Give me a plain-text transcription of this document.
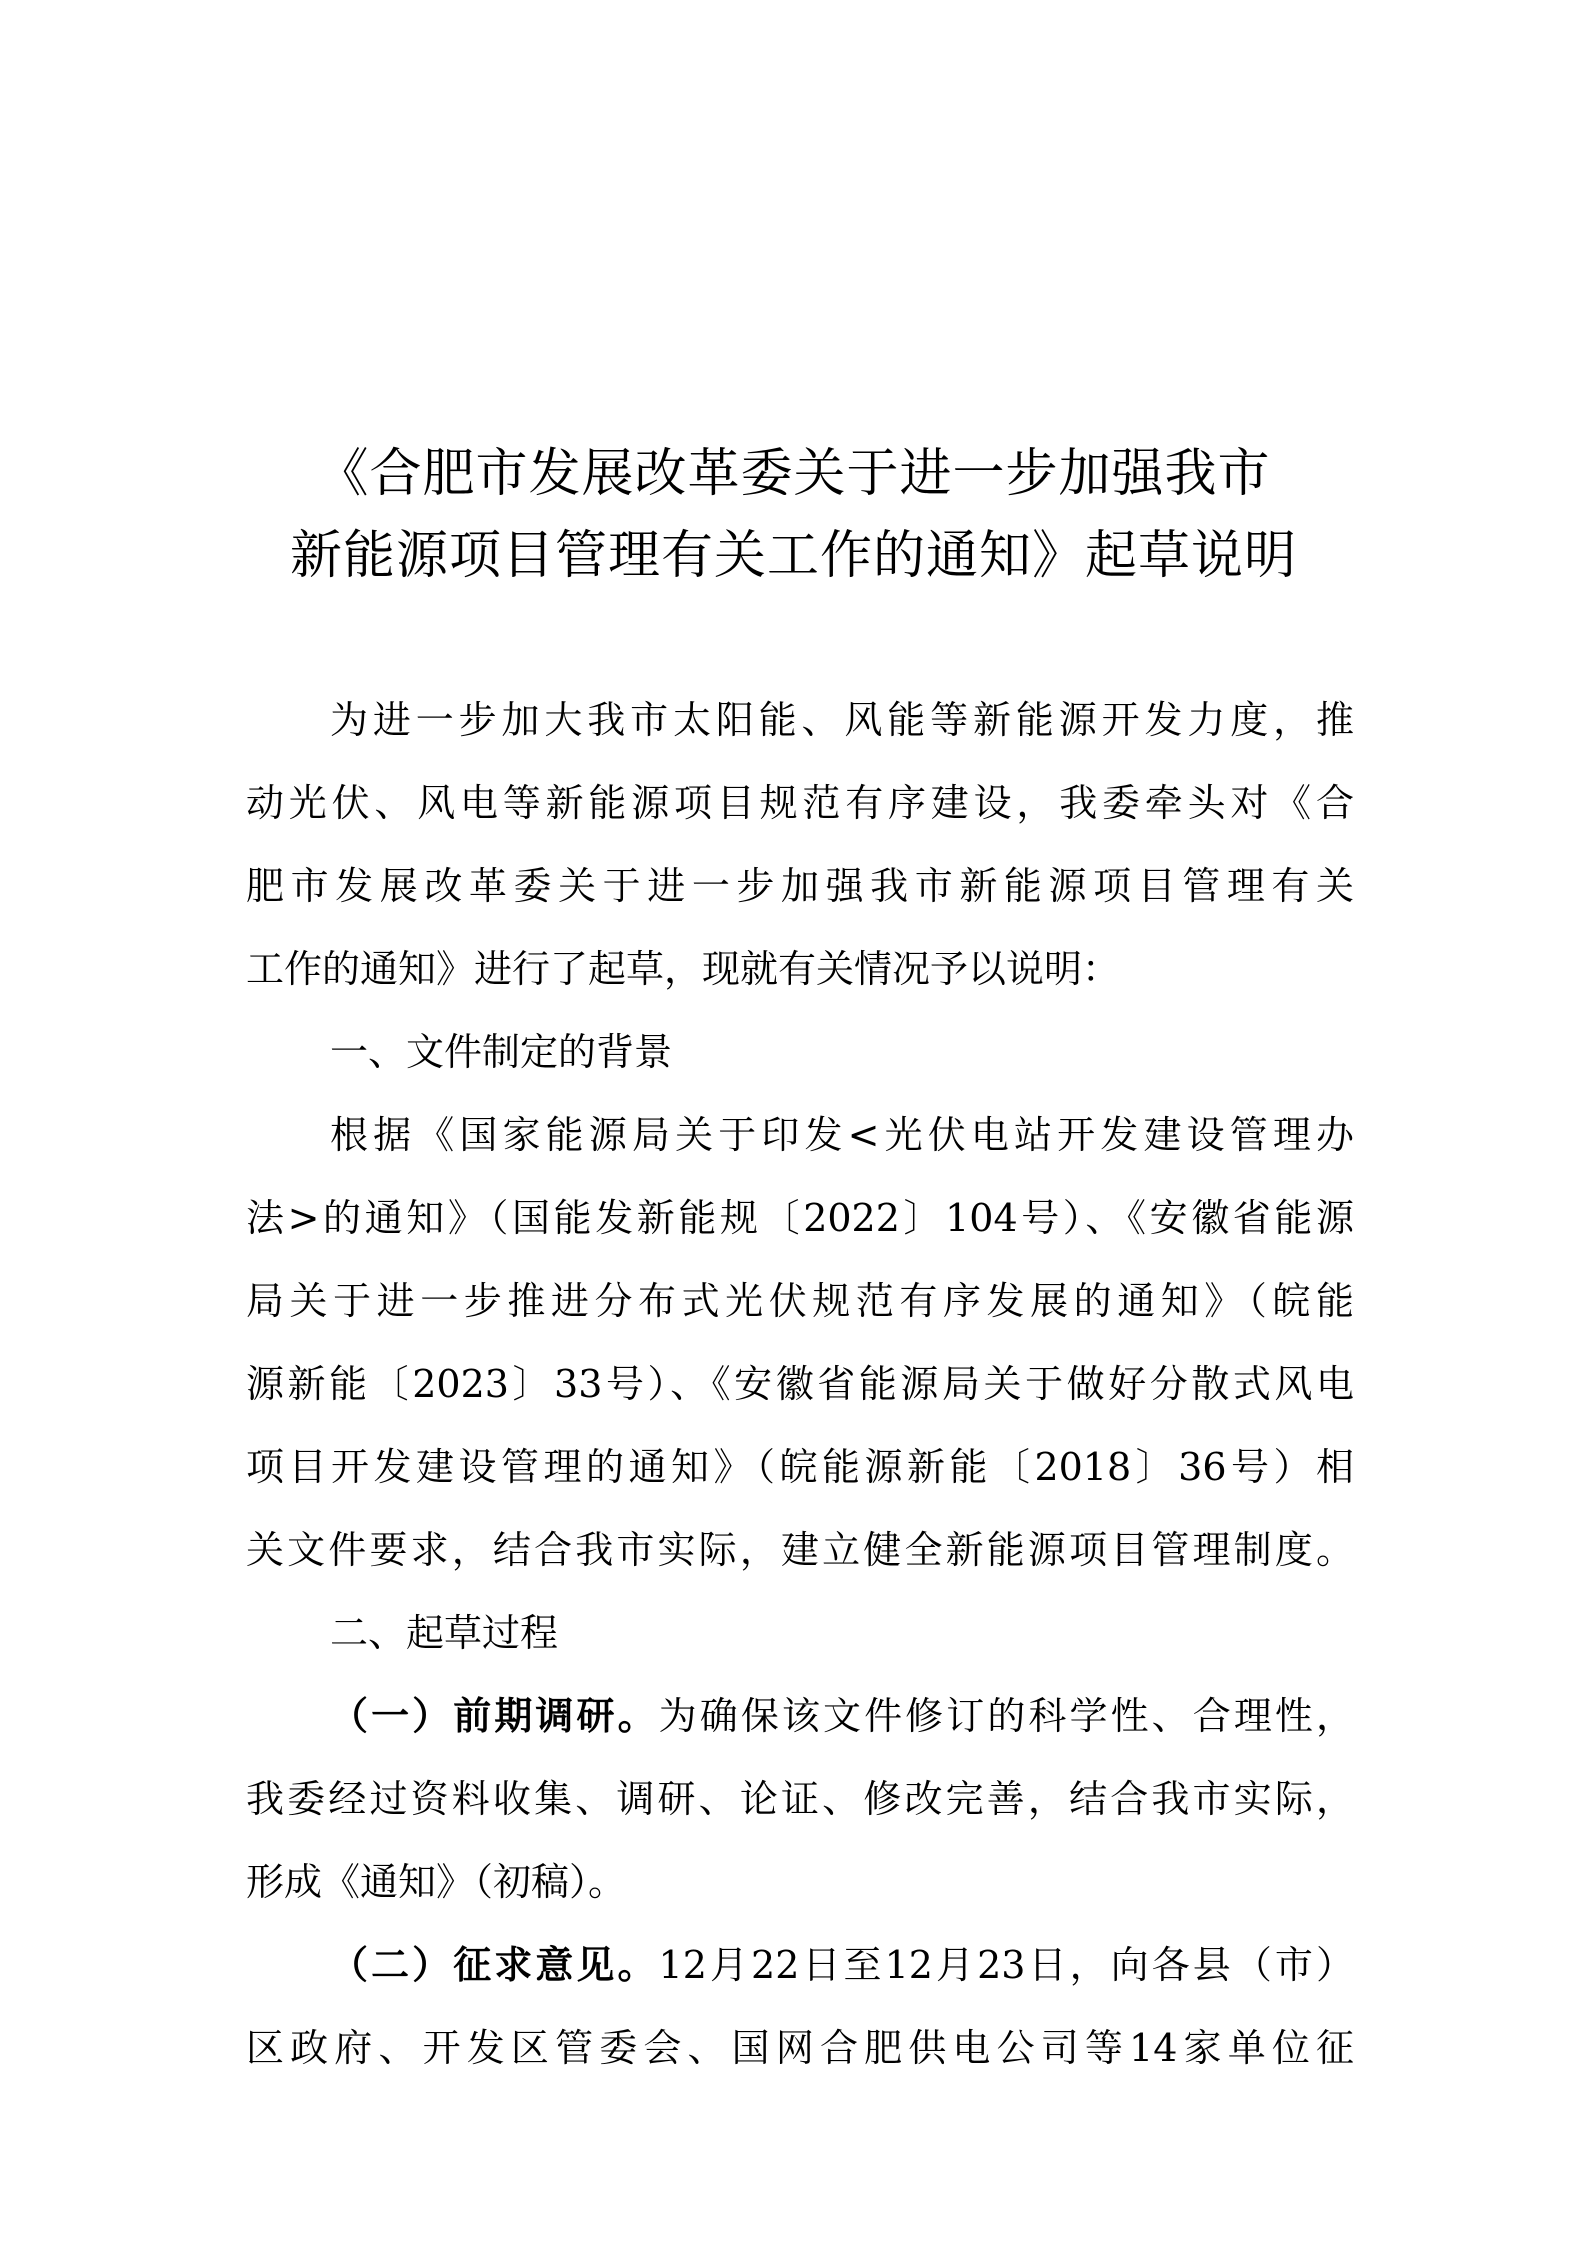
《合肥市发展改革委关于进一步加强我市
新能源项目管理有关工作的通知》起草说明
为进一步加大我市太阳能、风能等新能源开发力度，推
动光伏、风电等新能源项目规范有序建设，我委牵头对《合
肥市发展改革委关于进一步加强我市新能源项目管理有关
工作的通知》进行了起草，现就有关情况予以说明：
一、文件制定的背景
根据《国家能源局关于印发<光伏电站开发建设管理办
法>的通知》（国能发新能规〔2022〕104号）、《安徽省能源
局关于进一步推进分布式光伏规范有序发展的通知》（皖能
源新能〔2023〕33号）、《安徽省能源局关于做好分散式风电
项目开发建设管理的通知》（皖能源新能〔2018〕36号）相
关文件要求，结合我市实际，建立健全新能源项目管理制度。
二、起草过程
（一）前期调研。为确保该文件修订的科学性、合理性，
我委经过资料收集、调研、论证、修改完善，结合我市实际，
形成《通知》（初稿）。
（二）征求意见。12月22日至12月23日，向各县（市）
区政府、开发区管委会、国网合肥供电公司等14家单位征
